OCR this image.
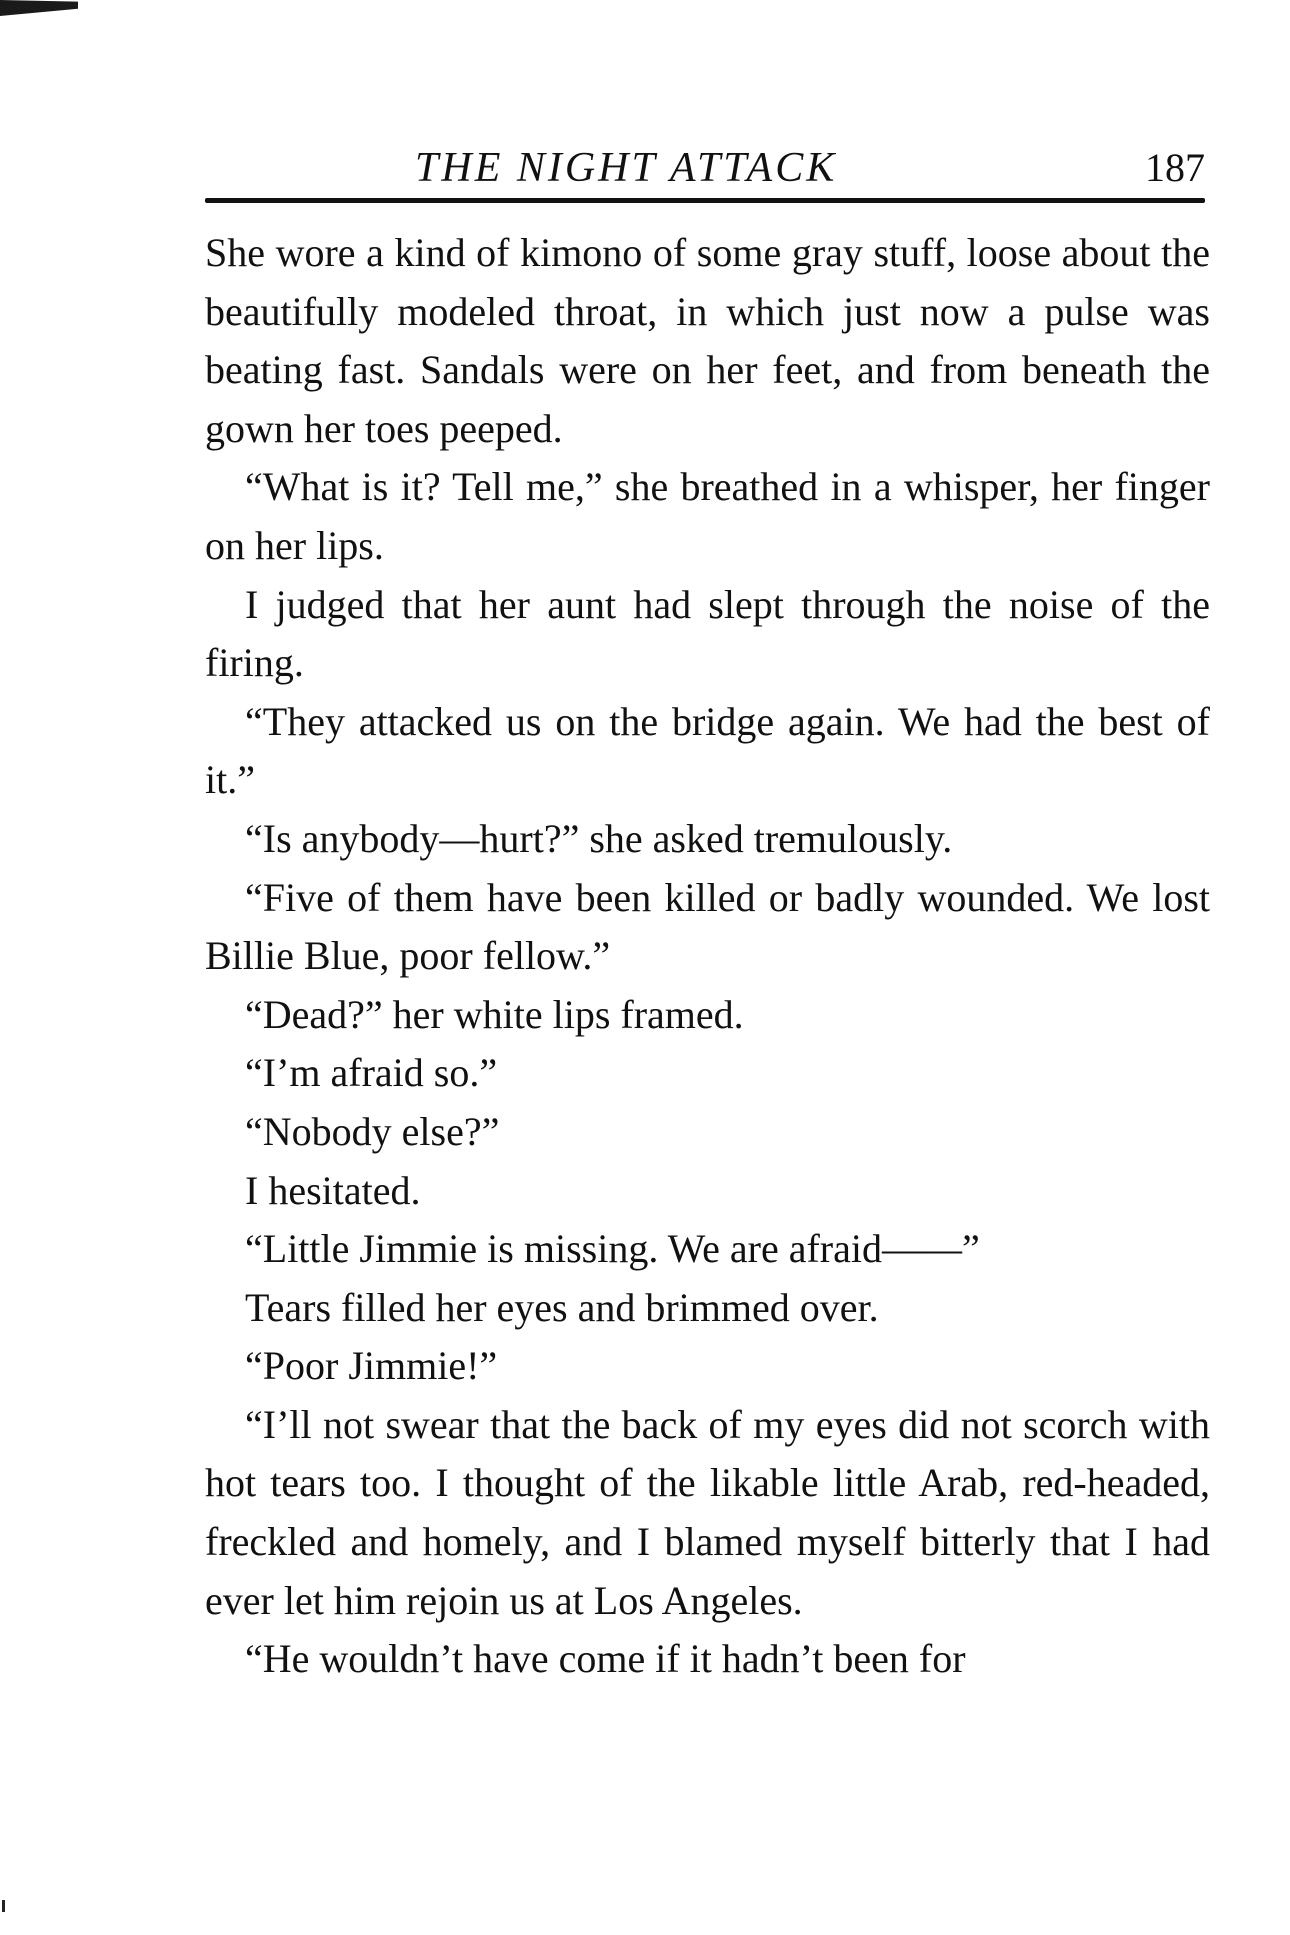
THE NIGHT ATTACK	187

She wore a kind of kimono of some gray stuff, loose about the beautifully modeled throat, in which just now a pulse was beating fast. Sandals were on her feet, and from beneath the gown her toes peeped.

“What is it? Tell me,” she breathed in a whisper, her finger on her lips.

I judged that her aunt had slept through the noise of the firing.

“They attacked us on the bridge again. We had the best of it.”

“Is anybody—hurt?” she asked tremulously.

“Five of them have been killed or badly wounded. We lost Billie Blue, poor fellow.”

“Dead?” her white lips framed.

“I’m afraid so.”

“Nobody else?”

I hesitated.

“Little Jimmie is missing. We are afraid——”

Tears filled her eyes and brimmed over.

“Poor Jimmie!”

“I’ll not swear that the back of my eyes did not scorch with hot tears too. I thought of the likable little Arab, red-headed, freckled and homely, and I blamed myself bitterly that I had ever let him rejoin us at Los Angeles.

“He wouldn’t have come if it hadn’t been for
